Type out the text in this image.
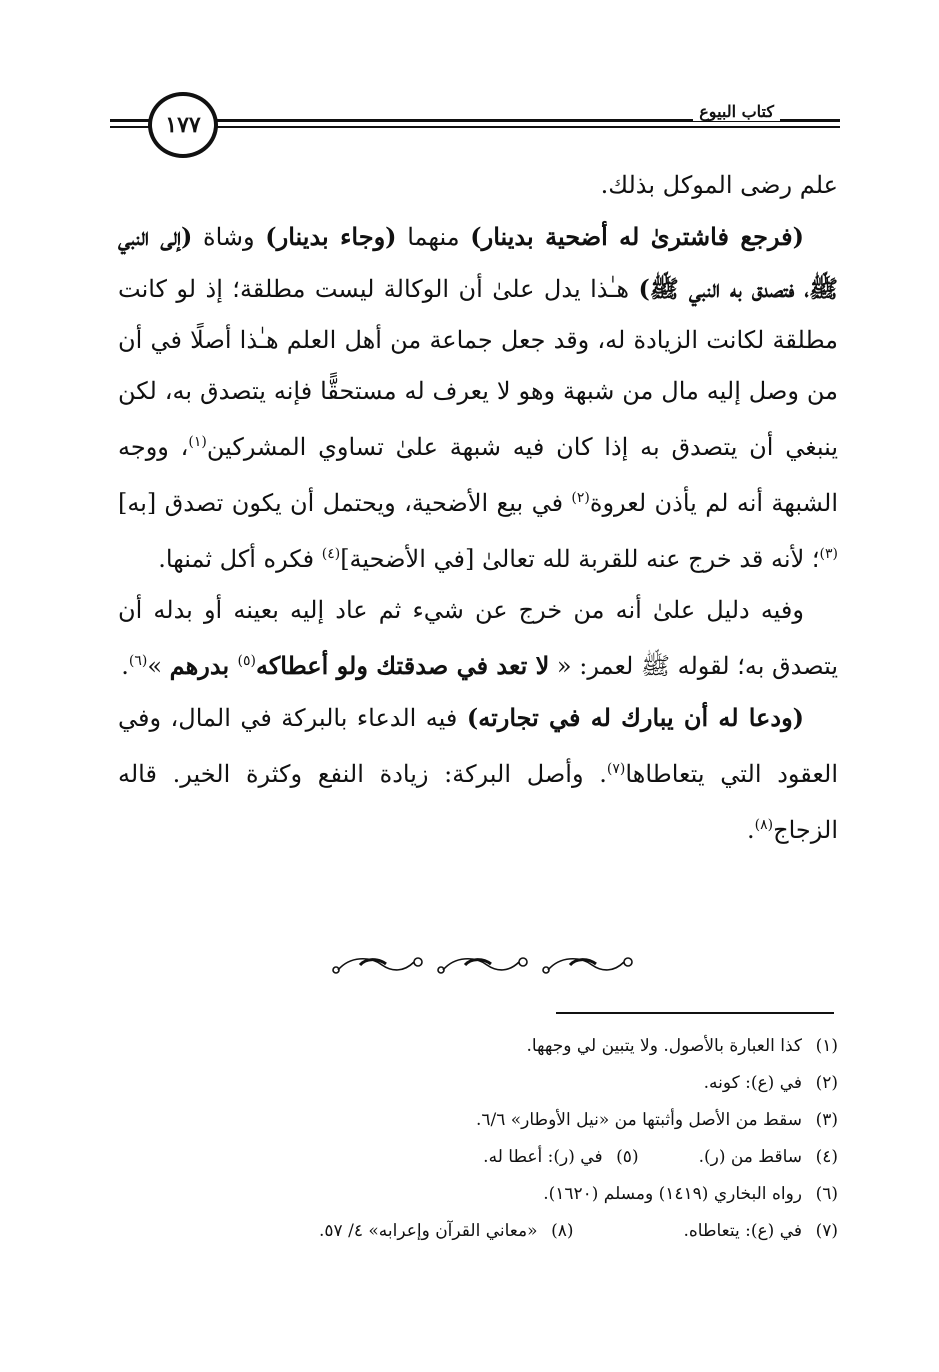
١٧٧
كتاب البيوع

علم رضى الموكل بذلك.

(فرجع فاشترىٰ له أضحية بدينار) منهما (وجاء بدينار) وشاة (إلى النبي ﷺ، فتصدق به النبي ﷺ) هـٰذا يدل علىٰ أن الوكالة ليست مطلقة؛ إذ لو كانت مطلقة لكانت الزيادة له، وقد جعل جماعة من أهل العلم هـٰذا أصلًا في أن من وصل إليه مال من شبهة وهو لا يعرف له مستحقًّا فإنه يتصدق به، لكن ينبغي أن يتصدق به إذا كان فيه شبهة علىٰ تساوي المشركين$^{(١)}$، ووجه الشبهة أنه لم يأذن لعروة$^{(٢)}$ في بيع الأضحية، ويحتمل أن يكون تصدق [به]$^{(٣)}$؛ لأنه قد خرج عنه للقربة لله تعالىٰ [في الأضحية]$^{(٤)}$ فكره أكل ثمنها.

وفيه دليل علىٰ أنه من خرج عن شيء ثم عاد إليه بعينه أو بدله أن يتصدق به؛ لقوله ﷺ لعمر: « لا تعد في صدقتك ولو أعطاكه$^{(٥)}$ بدرهم »$^{(٦)}$.

(ودعا له أن يبارك له في تجارته) فيه الدعاء بالبركة في المال، وفي العقود التي يتعاطاها$^{(٧)}$. وأصل البركة: زيادة النفع وكثرة الخير. قاله الزجاج$^{(٨)}$.

(١)كذا العبارة بالأصول. ولا يتبين لي وجهها.

(٢)في (ع): كونه.

(٣)سقط من الأصل وأثبتها من «نيل الأوطار» ٦/٦.

(٤)ساقط من (ر).(٥)في (ر): أعطا له.

(٦)رواه البخاري (١٤١٩) ومسلم (١٦٢٠).

(٧)في (ع): يتعاطاه.(٨)«معاني القرآن وإعرابه» ٤/ ٥٧.
